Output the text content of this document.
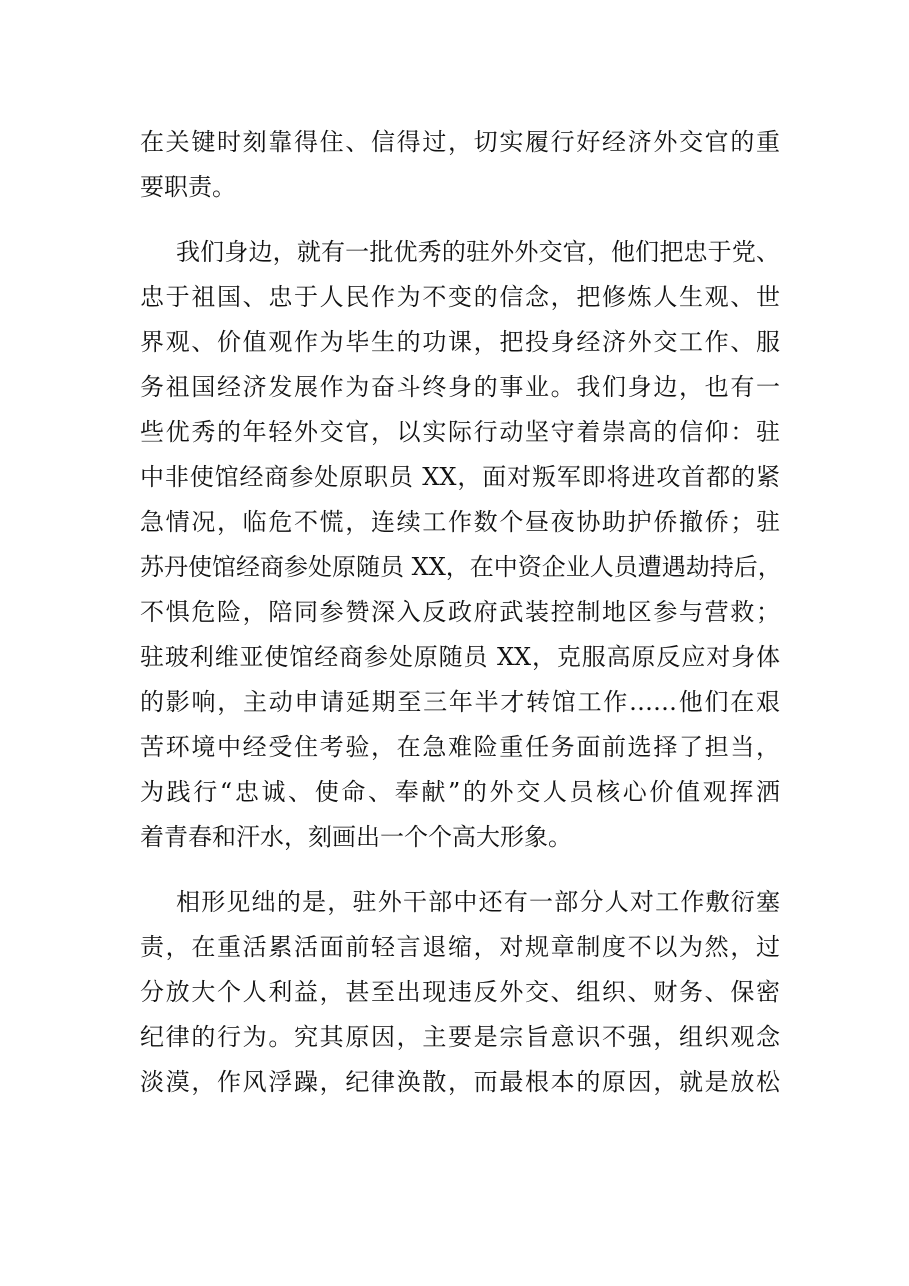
在关键时刻靠得住、信得过，切实履行好经济外交官的重
要职责。
我们身边，就有一批优秀的驻外外交官，他们把忠于党、
忠于祖国、忠于人民作为不变的信念，把修炼人生观、世
界观、价值观作为毕生的功课，把投身经济外交工作、服
务祖国经济发展作为奋斗终身的事业。我们身边，也有一
些优秀的年轻外交官，以实际行动坚守着崇高的信仰：驻
中非使馆经商参处原职员 XX，面对叛军即将进攻首都的紧
急情况，临危不慌，连续工作数个昼夜协助护侨撤侨；驻
苏丹使馆经商参处原随员 XX，在中资企业人员遭遇劫持后，
不惧危险，陪同参赞深入反政府武装控制地区参与营救；
驻玻利维亚使馆经商参处原随员 XX，克服高原反应对身体
的影响，主动申请延期至三年半才转馆工作……他们在艰
苦环境中经受住考验，在急难险重任务面前选择了担当，
为践行“忠诚、使命、奉献”的外交人员核心价值观挥洒
着青春和汗水，刻画出一个个高大形象。
相形见绌的是，驻外干部中还有一部分人对工作敷衍塞
责，在重活累活面前轻言退缩，对规章制度不以为然，过
分放大个人利益，甚至出现违反外交、组织、财务、保密
纪律的行为。究其原因，主要是宗旨意识不强，组织观念
淡漠，作风浮躁，纪律涣散，而最根本的原因，就是放松
